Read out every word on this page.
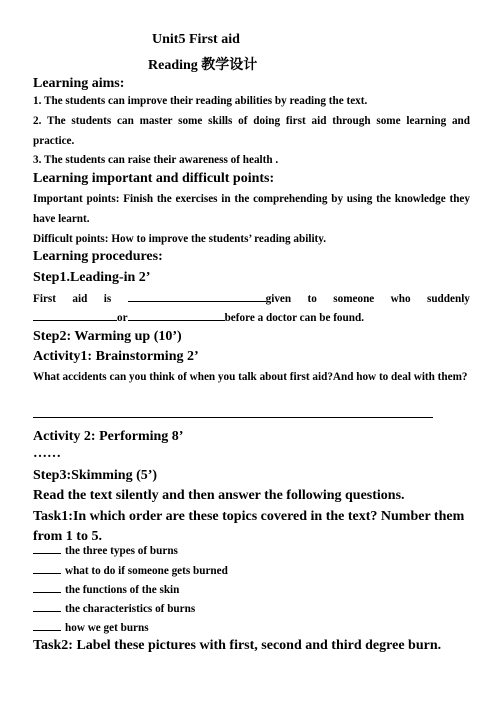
Unit5 First aid
Reading 教学设计
Learning aims:
1. The students can improve their reading abilities by reading the text.
2. The students can master some skills of doing first aid through some learning and practice.
3. The students can raise their awareness of health .
Learning important and difficult points:
Important points: Finish the exercises in the comprehending by using the knowledge they have learnt.
Difficult points: How to improve the students’ reading ability.
Learning procedures:
Step1.Leading-in 2’
First aid is	given to someone who suddenly
or	before a doctor can be found.
Step2: Warming up (10’)
Activity1: Brainstorming 2’
What accidents can you think of when you talk about first aid?And how to deal with them?
Activity 2: Performing 8’
……
Step3:Skimming (5’)
Read the text silently and then answer the following questions.
Task1:In which order are these topics covered in the text? Number them
from 1 to 5.
the three types of burns
what to do if someone gets burned
the functions of the skin
the characteristics of burns
how we get burns
Task2: Label these pictures with first, second and third degree burn.
